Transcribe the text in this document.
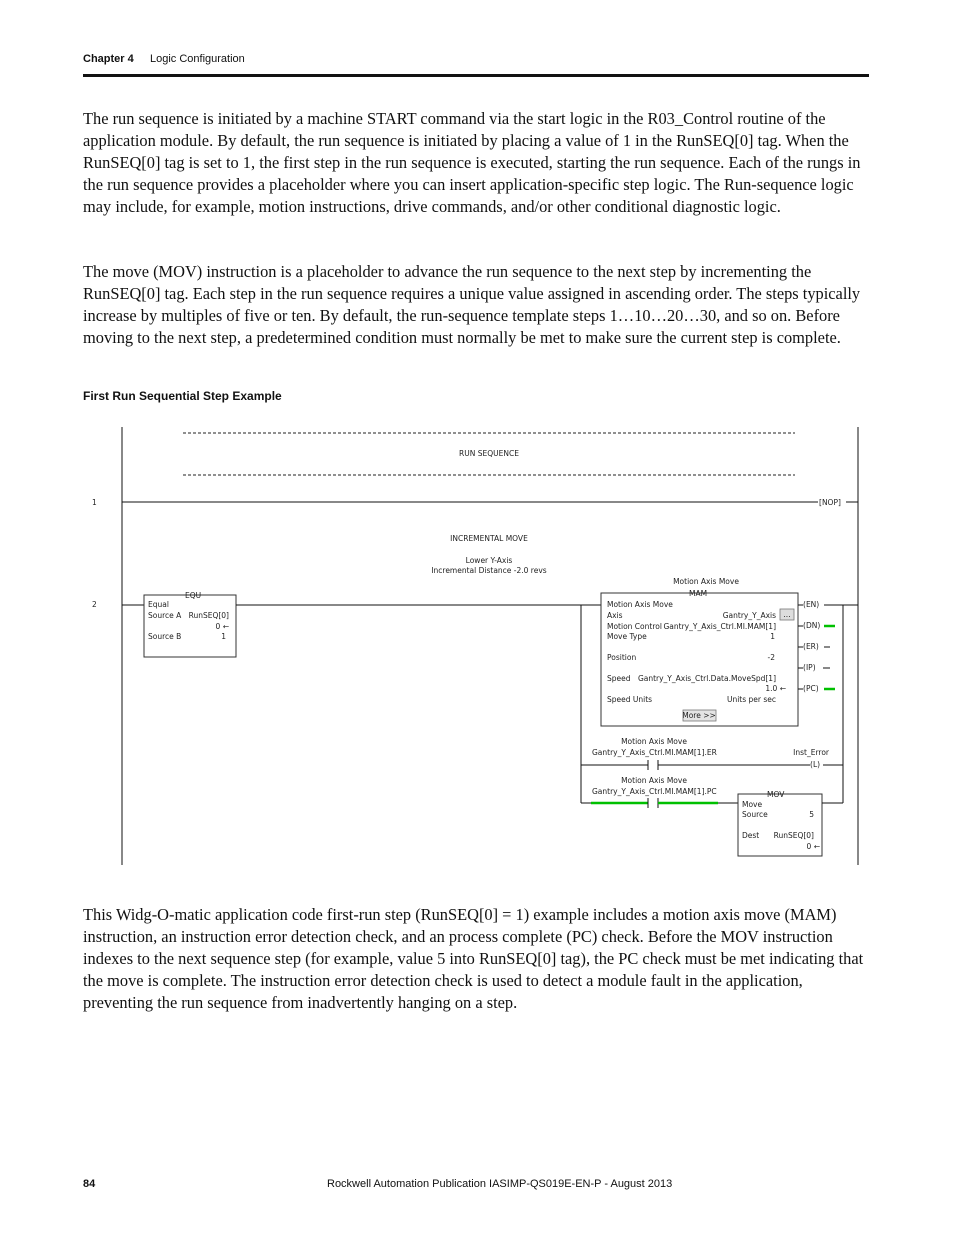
Chapter 4 Logic Configuration

The run sequence is initiated by a machine START command via the start logic in the R03_Control routine of the application module. By default, the run sequence is initiated by placing a value of 1 in the RunSEQ[0] tag. When the RunSEQ[0] tag is set to 1, the first step in the run sequence is executed, starting the run sequence. Each of the rungs in the run sequence provides a placeholder where you can insert application-specific step logic. The Run-sequence logic may include, for example, motion instructions, drive commands, and/or other conditional diagnostic logic.

The move (MOV) instruction is a placeholder to advance the run sequence to the next step by incrementing the RunSEQ[0] tag. Each step in the run sequence requires a unique value assigned in ascending order. The steps typically increase by multiples of five or ten. By default, the run-sequence template steps 1…10…20…30, and so on. Before moving to the next step, a predetermined condition must normally be met to make sure the current step is complete.

First Run Sequential Step Example
RUN SEQUENCE
1	[NOP]
INCREMENTAL MOVE
Lower Y-Axis
Incremental Distance -2.0 revs
2
EQU
Equal
Source A RunSEQ[0]
0 ←
Source B	1
Motion Axis Move
MAM
Motion Axis Move
Axis	Gantry_Y_Axis ...
Motion Control Gantry_Y_Axis_Ctrl.MI.MAM[1]
Move Type	1
Position	-2
Speed Gantry_Y_Axis_Ctrl.Data.MoveSpd[1]
1.0 ←
Speed Units	Units per sec
More >>
(EN)
(DN)
(ER)
(IP)
(PC)
Motion Axis Move
Gantry_Y_Axis_Ctrl.MI.MAM[1].ER	Inst_Error
(L)
Motion Axis Move
Gantry_Y_Axis_Ctrl.MI.MAM[1].PC	MOV
Move
Source	5
Dest RunSEQ[0]
0 ←

This Widg-O-matic application code first-run step (RunSEQ[0] = 1) example includes a motion axis move (MAM) instruction, an instruction error detection check, and an process complete (PC) check. Before the MOV instruction indexes to the next sequence step (for example, value 5 into RunSEQ[0] tag), the PC check must be met indicating that the move is complete. The instruction error detection check is used to detect a module fault in the application, preventing the run sequence from inadvertently hanging on a step.

84	Rockwell Automation Publication IASIMP-QS019E-EN-P - August 2013
